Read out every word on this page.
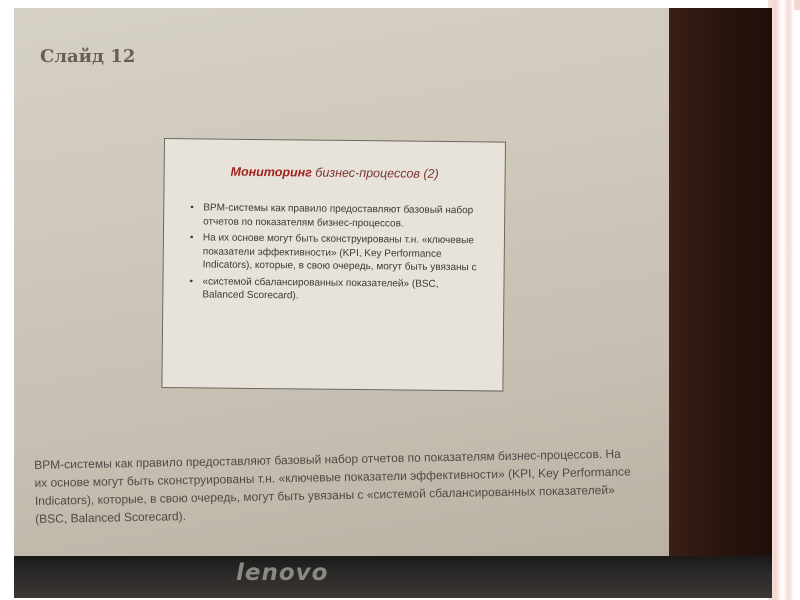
Слайд 12
Мониторинг бизнес-процессов (2)
• BPM-системы как правило предоставляют базовый набор отчетов по показателям бизнес-процессов.
• На их основе могут быть сконструированы т.н. «ключевые показатели эффективности» (KPI, Key Performance Indicators), которые, в свою очередь, могут быть увязаны с
• «системой сбалансированных показателей» (BSC, Balanced Scorecard).
BPM-системы как правило предоставляют базовый набор отчетов по показателям бизнес-процессов. На их основе могут быть сконструированы т.н. «ключевые показатели эффективности» (KPI, Key Performance Indicators), которые, в свою очередь, могут быть увязаны с «системой сбалансированных показателей» (BSC, Balanced Scorecard).
lenovo
